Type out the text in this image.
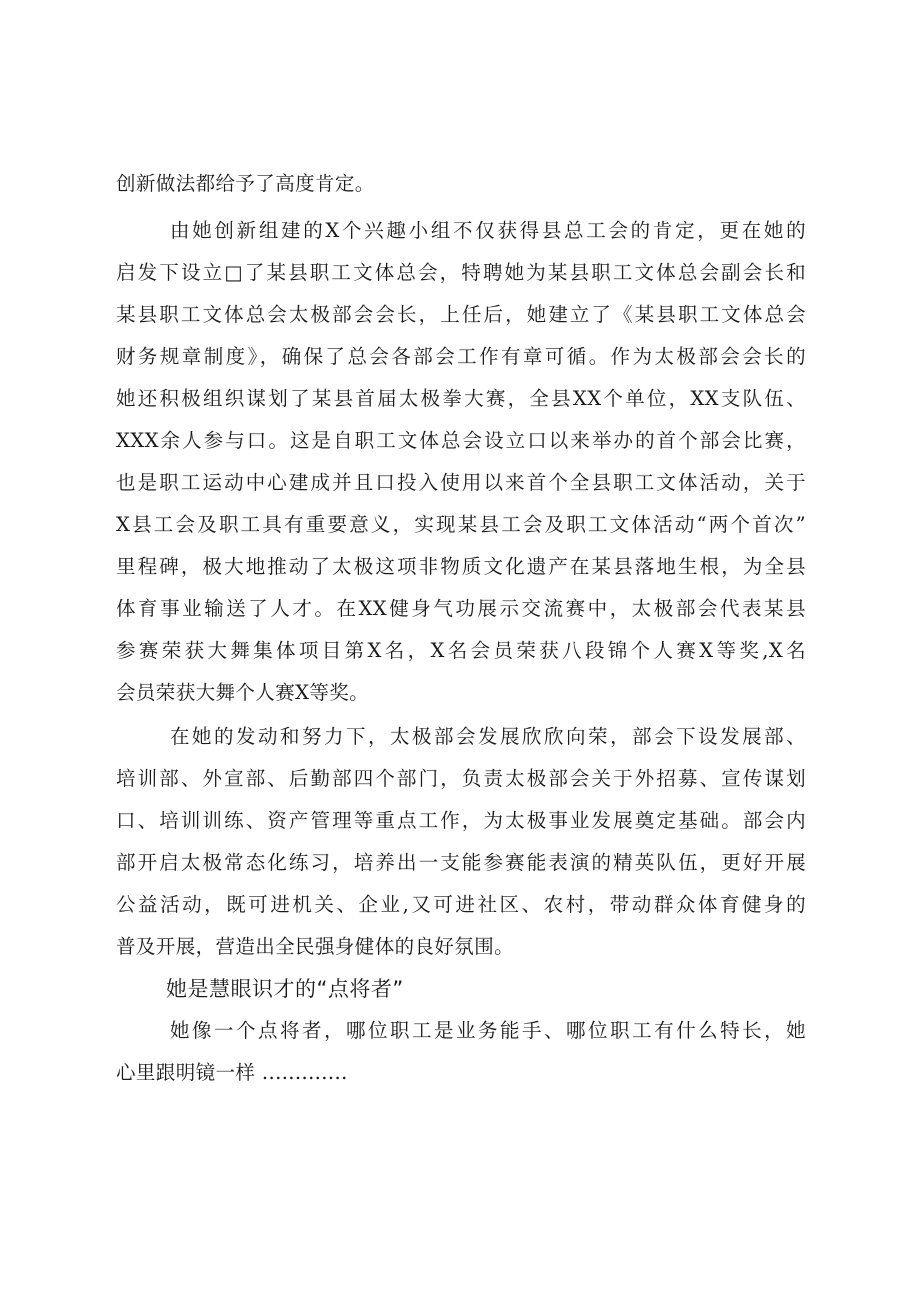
创新做法都给予了高度肯定。
由她创新组建的X个兴趣小组不仅获得县总工会的肯定，更在她的
启发下设立□了某县职工文体总会，特聘她为某县职工文体总会副会长和
某县职工文体总会太极部会会长，上任后，她建立了《某县职工文体总会
财务规章制度》，确保了总会各部会工作有章可循。作为太极部会会长的
她还积极组织谋划了某县首届太极拳大赛，全县XX个单位，XX支队伍、
XXX余人参与口。这是自职工文体总会设立口以来举办的首个部会比赛，
也是职工运动中心建成并且口投入使用以来首个全县职工文体活动，关于
X县工会及职工具有重要意义，实现某县工会及职工文体活动“两个首次”
里程碑，极大地推动了太极这项非物质文化遗产在某县落地生根，为全县
体育事业输送了人才。在XX健身气功展示交流赛中，太极部会代表某县
参赛荣获大舞集体项目第X名，X名会员荣获八段锦个人赛X等奖,X名
会员荣获大舞个人赛X等奖。
在她的发动和努力下，太极部会发展欣欣向荣，部会下设发展部、
培训部、外宣部、后勤部四个部门，负责太极部会关于外招募、宣传谋划
口、培训训练、资产管理等重点工作，为太极事业发展奠定基础。部会内
部开启太极常态化练习，培养出一支能参赛能表演的精英队伍，更好开展
公益活动，既可进机关、企业,又可进社区、农村，带动群众体育健身的
普及开展，营造出全民强身健体的良好氛围。
她是慧眼识才的“点将者”
她像一个点将者，哪位职工是业务能手、哪位职工有什么特长，她
心里跟明镜一样 .............
